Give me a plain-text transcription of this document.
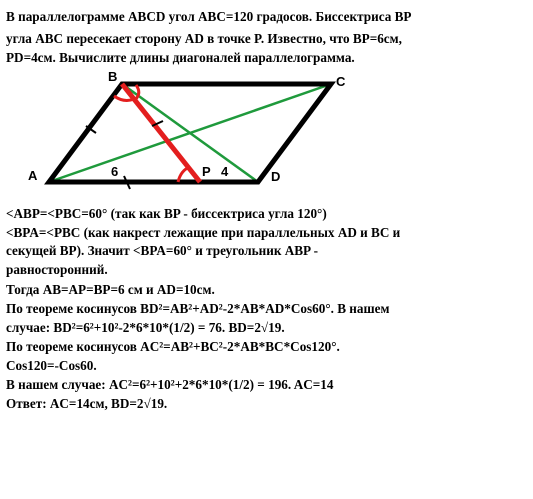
В параллелограмме ABCD угол ABC=120 градосов. Биссектриса BP

угла ABC пересекает сторону AD в точке P. Известно, что BP=6см,

PD=4см. Вычислите длины диагоналей параллелограмма.

A
B	C
D
P
6	4

<ABP=<PBC=60° (так как BP - биссектриса угла 120°)

<BPA=<PBC (как накрест лежащие при параллельных AD и BC и

секущей BP). Значит <BPA=60° и треугольник ABP -

равносторонний.

Тогда AB=AP=BP=6 см и AD=10см.

По теореме косинусов BD²=AB²+AD²-2*AB*AD*Cos60°. В нашем

случае: BD²=6²+10²-2*6*10*(1/2) = 76. BD=2√19.

По теореме косинусов AC²=AB²+BC²-2*AB*BC*Cos120°.

Cos120=-Cos60.

В нашем случае: AC²=6²+10²+2*6*10*(1/2) = 196. AC=14

Ответ: AC=14см, BD=2√19.
